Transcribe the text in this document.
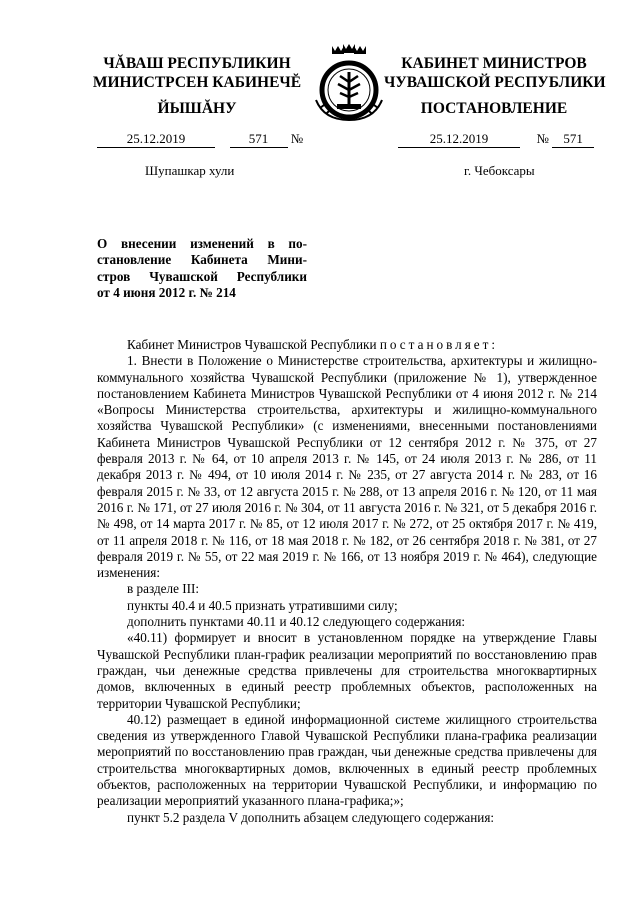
ЧĂВАШ РЕСПУБЛИКИН
МИНИСТРСЕН КАБИНЕЧĔ
ЙЫШĂНУ
25.12.2019	571 №
Шупашкар хули
КАБИНЕТ МИНИСТРОВ
ЧУВАШСКОЙ РЕСПУБЛИКИ
ПОСТАНОВЛЕНИЕ
25.12.2019	№ 571
г. Чебоксары
О внесении изменений в по-
становление Кабинета Мини-
стров Чувашской Республики
от 4 июня 2012 г. № 214

Кабинет Министров Чувашской Республики постановляет:

1. Внести в Положение о Министерстве строительства, архитектуры и жилищно-коммунального хозяйства Чувашской Республики (приложение № 1), утвержденное постановлением Кабинета Министров Чувашской Республики от 4 июня 2012 г. № 214 «Вопросы Министерства строительства, архитектуры и жилищно-коммунального хозяйства Чувашской Республики» (с изменениями, внесенными постановлениями Кабинета Министров Чувашской Республики от 12 сентября 2012 г. № 375, от 27 февраля 2013 г. № 64, от 10 апреля 2013 г. № 145, от 24 июля 2013 г. № 286, от 11 декабря 2013 г. № 494, от 10 июля 2014 г. № 235, от 27 августа 2014 г. № 283, от 16 февраля 2015 г. № 33, от 12 августа 2015 г. № 288, от 13 апреля 2016 г. № 120, от 11 мая 2016 г. № 171, от 27 июля 2016 г. № 304, от 11 августа 2016 г. № 321, от 5 декабря 2016 г. № 498, от 14 марта 2017 г. № 85, от 12 июля 2017 г. № 272, от 25 октября 2017 г. № 419, от 11 апреля 2018 г. № 116, от 18 мая 2018 г. № 182, от 26 сентября 2018 г. № 381, от 27 февраля 2019 г. № 55, от 22 мая 2019 г. № 166, от 13 ноября 2019 г. № 464), следующие изменения:

в разделе III:

пункты 40.4 и 40.5 признать утратившими силу;

дополнить пунктами 40.11 и 40.12 следующего содержания:

«40.11) формирует и вносит в установленном порядке на утверждение Главы Чувашской Республики план-график реализации мероприятий по восстановлению прав граждан, чьи денежные средства привлечены для строительства многоквартирных домов, включенных в единый реестр проблемных объектов, расположенных на территории Чувашской Республики;

40.12) размещает в единой информационной системе жилищного строительства сведения из утвержденного Главой Чувашской Республики плана-графика реализации мероприятий по восстановлению прав граждан, чьи денежные средства привлечены для строительства многоквартирных домов, включенных в единый реестр проблемных объектов, расположенных на территории Чувашской Республики, и информацию по реализации мероприятий указанного плана-графика;»;

пункт 5.2 раздела V дополнить абзацем следующего содержания:
